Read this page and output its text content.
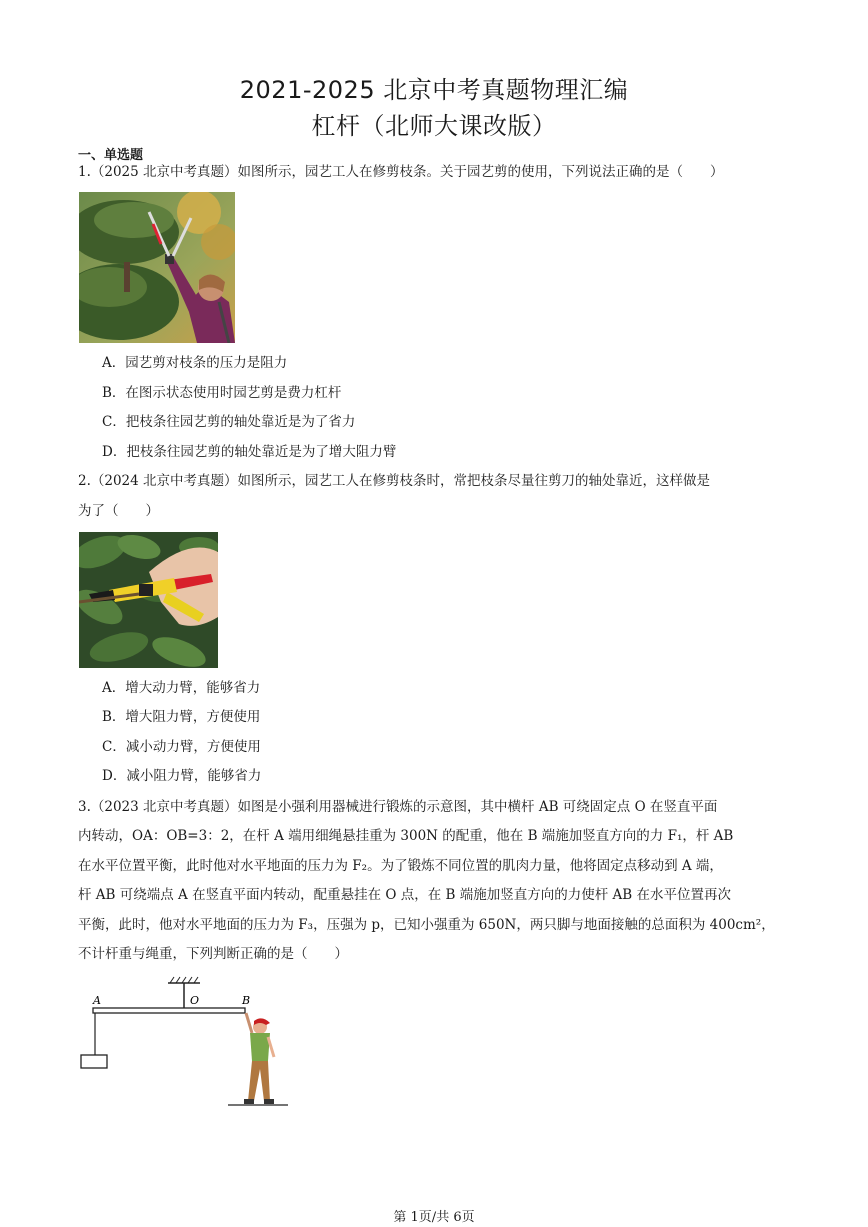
2021-2025 北京中考真题物理汇编
杠杆（北师大课改版）
一、单选题
1.（2025 北京中考真题）如图所示，园艺工人在修剪枝条。关于园艺剪的使用，下列说法正确的是（　　）
A．园艺剪对枝条的压力是阻力
B．在图示状态使用时园艺剪是费力杠杆
C．把枝条往园艺剪的轴处靠近是为了省力
D．把枝条往园艺剪的轴处靠近是为了增大阻力臂
2.（2024 北京中考真题）如图所示，园艺工人在修剪枝条时，常把枝条尽量往剪刀的轴处靠近，这样做是
为了（　　）
A．增大动力臂，能够省力
B．增大阻力臂，方便使用
C．减小动力臂，方便使用
D．减小阻力臂，能够省力
3.（2023 北京中考真题）如图是小强利用器械进行锻炼的示意图，其中横杆 AB 可绕固定点 O 在竖直平面
内转动，OA：OB=3：2，在杆 A 端用细绳悬挂重为 300N 的配重，他在 B 端施加竖直方向的力 F₁，杆 AB
在水平位置平衡，此时他对水平地面的压力为 F₂。为了锻炼不同位置的肌肉力量，他将固定点移动到 A 端，
杆 AB 可绕端点 A 在竖直平面内转动，配重悬挂在 O 点，在 B 端施加竖直方向的力使杆 AB 在水平位置再次
平衡，此时，他对水平地面的压力为 F₃，压强为 p，已知小强重为 650N，两只脚与地面接触的总面积为 400cm²，
不计杆重与绳重，下列判断正确的是（　　）
A	O	B
第 1页/共 6页
